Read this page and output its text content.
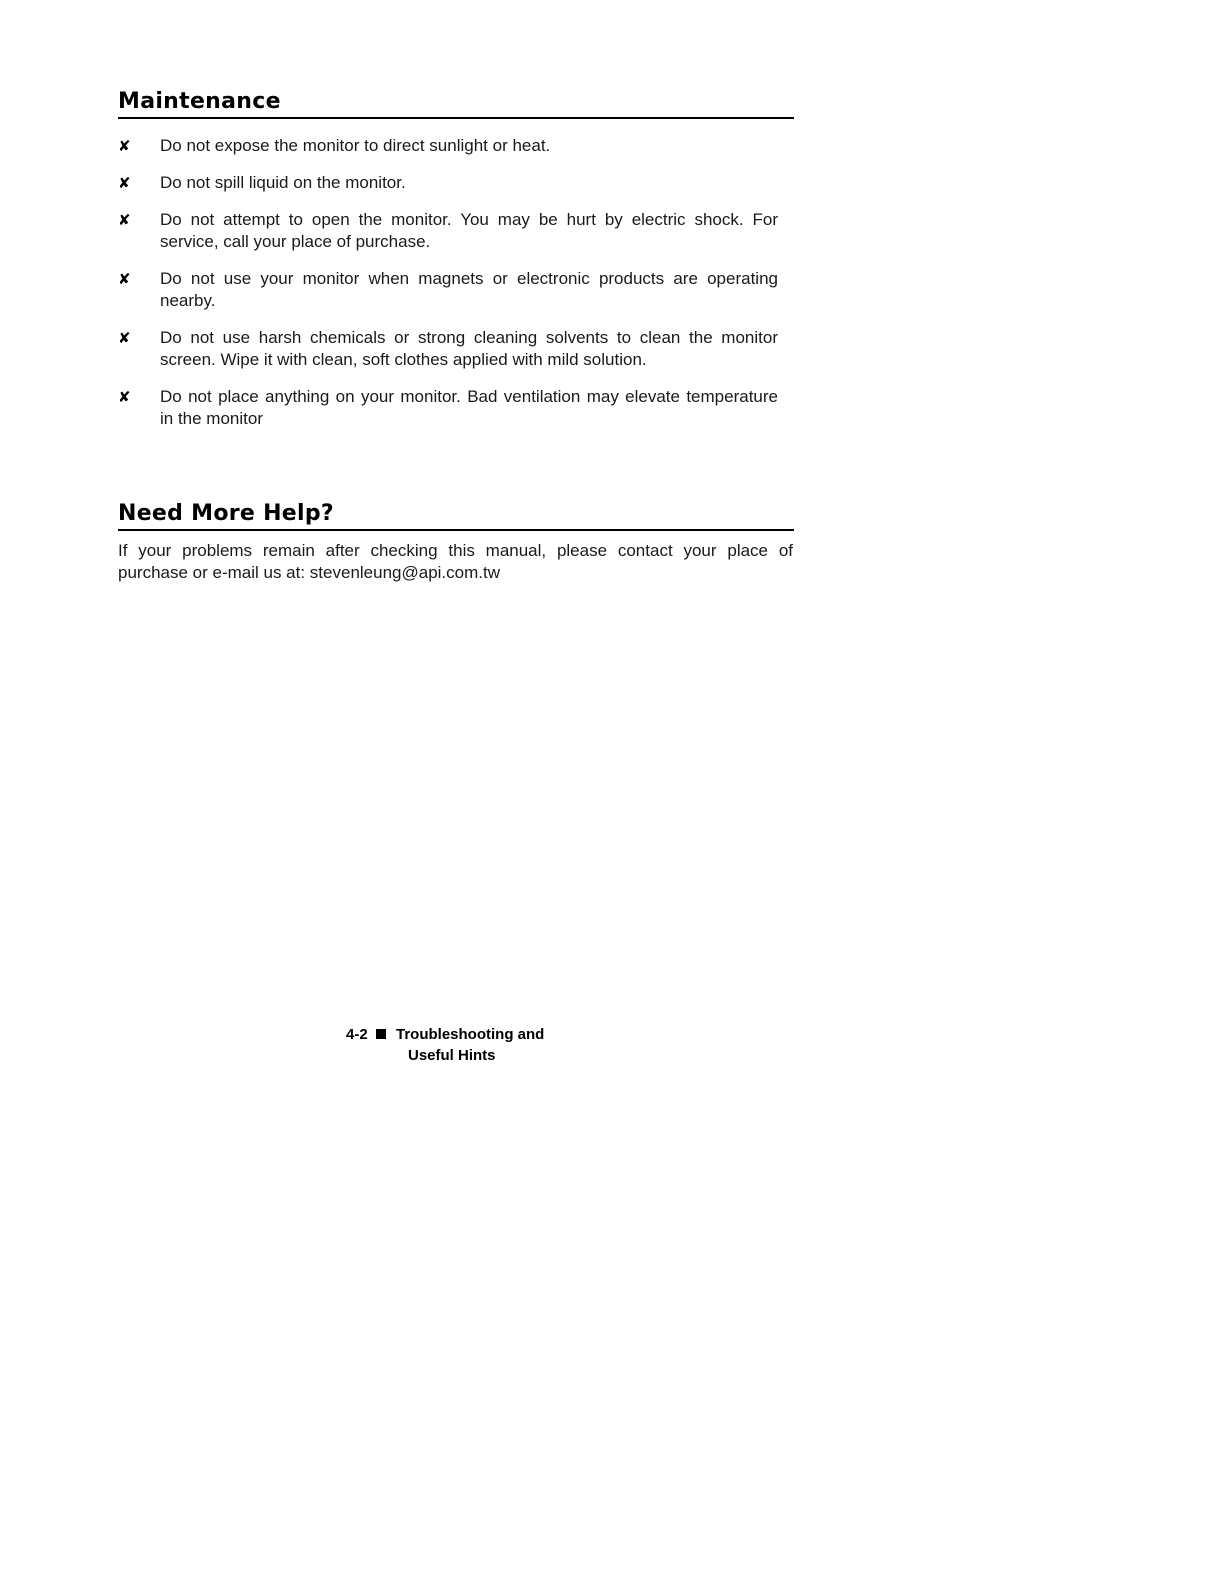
Maintenance
✘ Do not expose the monitor to direct sunlight or heat.
✘ Do not spill liquid on the monitor.
✘ Do not attempt to open the monitor. You may be hurt by electric shock. For service, call your place of purchase.
✘ Do not use your monitor when magnets or electronic products are operating nearby.
✘ Do not use harsh chemicals or strong cleaning solvents to clean the monitor screen. Wipe it with clean, soft clothes applied with mild solution.
✘ Do not place anything on your monitor. Bad ventilation may elevate temperature in the monitor
Need More Help?

If your problems remain after checking this manual, please contact your place of purchase or e-mail us at: stevenleung@api.com.tw

4-2 Troubleshooting and
Useful Hints
